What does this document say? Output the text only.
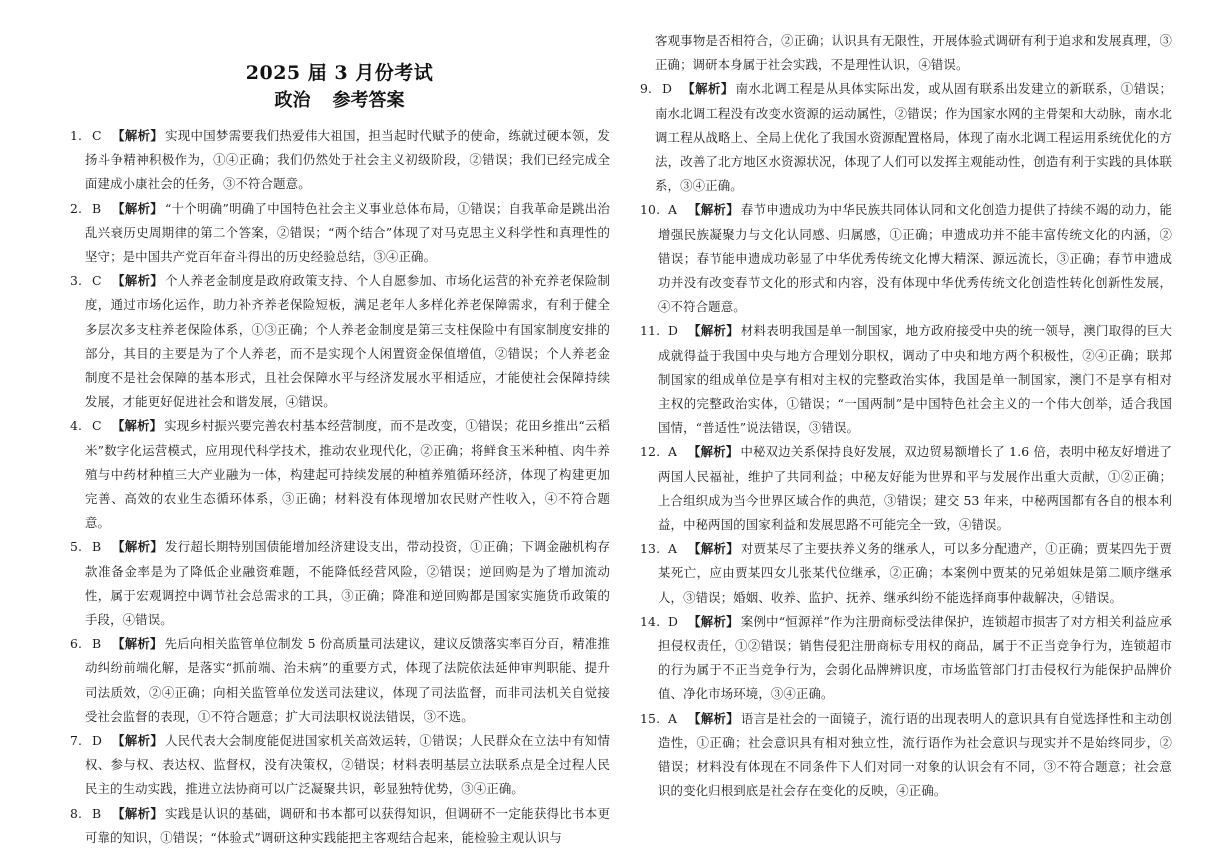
2025 届 3 月份考试
政治 参考答案
1. C 【解析】 实现中国梦需要我们热爱伟大祖国，担当起时代赋予的使命，练就过硬本领，发扬斗争精神积极作为，①④正确；我们仍然处于社会主义初级阶段，②错误；我们已经完成全面建成小康社会的任务，③不符合题意。
2. B 【解析】 “十个明确”明确了中国特色社会主义事业总体布局，①错误；自我革命是跳出治乱兴衰历史周期律的第二个答案，②错误；“两个结合”体现了对马克思主义科学性和真理性的坚守；是中国共产党百年奋斗得出的历史经验总结，③④正确。
3. C 【解析】 个人养老金制度是政府政策支持、个人自愿参加、市场化运营的补充养老保险制度，通过市场化运作，助力补齐养老保险短板，满足老年人多样化养老保障需求，有利于健全多层次多支柱养老保险体系，①③正确；个人养老金制度是第三支柱保险中有国家制度安排的部分，其目的主要是为了个人养老，而不是实现个人闲置资金保值增值，②错误；个人养老金制度不是社会保障的基本形式，且社会保障水平与经济发展水平相适应，才能使社会保障持续发展，才能更好促进社会和谐发展，④错误。
4. C 【解析】 实现乡村振兴要完善农村基本经营制度，而不是改变，①错误；花田乡推出“云稻米”数字化运营模式，应用现代科学技术，推动农业现代化，②正确；将鲜食玉米种植、肉牛养殖与中药材种植三大产业融为一体，构建起可持续发展的种植养殖循环经济，体现了构建更加完善、高效的农业生态循环体系，③正确；材料没有体现增加农民财产性收入，④不符合题意。
5. B 【解析】 发行超长期特别国债能增加经济建设支出，带动投资，①正确；下调金融机构存款准备金率是为了降低企业融资难题，不能降低经营风险，②错误；逆回购是为了增加流动性，属于宏观调控中调节社会总需求的工具，③正确；降准和逆回购都是国家实施货币政策的手段，④错误。
6. B 【解析】 先后向相关监管单位制发 5 份高质量司法建议，建议反馈落实率百分百，精准推动纠纷前端化解，是落实“抓前端、治未病”的重要方式，体现了法院依法延伸审判职能、提升司法质效，②④正确；向相关监管单位发送司法建议，体现了司法监督，而非司法机关自觉接受社会监督的表现，①不符合题意；扩大司法职权说法错误，③不选。
7. D 【解析】 人民代表大会制度能促进国家机关高效运转，①错误；人民群众在立法中有知情权、参与权、表达权、监督权，没有决策权，②错误；材料表明基层立法联系点是全过程人民民主的生动实践，推进立法协商可以广泛凝聚共识，彰显独特优势，③④正确。
8. B 【解析】 实践是认识的基础，调研和书本都可以获得知识，但调研不一定能获得比书本更可靠的知识，①错误；“体验式”调研这种实践能把主客观结合起来，能检验主观认识与
客观事物是否相符合，②正确；认识具有无限性，开展体验式调研有利于追求和发展真理，③正确；调研本身属于社会实践，不是理性认识，④错误。
9. D 【解析】 南水北调工程是从具体实际出发，或从固有联系出发建立的新联系，①错误；南水北调工程没有改变水资源的运动属性，②错误；作为国家水网的主骨架和大动脉，南水北调工程从战略上、全局上优化了我国水资源配置格局，体现了南水北调工程运用系统优化的方法，改善了北方地区水资源状况，体现了人们可以发挥主观能动性，创造有利于实践的具体联系，③④正确。
10. A 【解析】 春节申遗成功为中华民族共同体认同和文化创造力提供了持续不竭的动力，能增强民族凝聚力与文化认同感、归属感，①正确；申遗成功并不能丰富传统文化的内涵，②错误；春节能申遗成功彰显了中华优秀传统文化博大精深、源远流长，③正确；春节申遗成功并没有改变春节文化的形式和内容，没有体现中华优秀传统文化创造性转化创新性发展，④不符合题意。
11. D 【解析】 材料表明我国是单一制国家，地方政府接受中央的统一领导，澳门取得的巨大成就得益于我国中央与地方合理划分职权，调动了中央和地方两个积极性，②④正确；联邦制国家的组成单位是享有相对主权的完整政治实体，我国是单一制国家，澳门不是享有相对主权的完整政治实体，①错误；“一国两制”是中国特色社会主义的一个伟大创举，适合我国国情，“普适性”说法错误，③错误。
12. A 【解析】 中秘双边关系保持良好发展，双边贸易额增长了 1.6 倍，表明中秘友好增进了两国人民福祉，维护了共同利益；中秘友好能为世界和平与发展作出重大贡献，①②正确；上合组织成为当今世界区域合作的典范，③错误；建交 53 年来，中秘两国都有各自的根本利益，中秘两国的国家利益和发展思路不可能完全一致，④错误。
13. A 【解析】 对贾某尽了主要扶养义务的继承人，可以多分配遗产，①正确；贾某四先于贾某死亡，应由贾某四女儿张某代位继承，②正确；本案例中贾某的兄弟姐妹是第二顺序继承人，③错误；婚姻、收养、监护、抚养、继承纠纷不能选择商事仲裁解决，④错误。
14. D 【解析】 案例中“恒源祥”作为注册商标受法律保护，连锁超市损害了对方相关利益应承担侵权责任，①②错误；销售侵犯注册商标专用权的商品，属于不正当竞争行为，连锁超市的行为属于不正当竞争行为，会弱化品牌辨识度，市场监管部门打击侵权行为能保护品牌价值、净化市场环境，③④正确。
15. A 【解析】 语言是社会的一面镜子，流行语的出现表明人的意识具有自觉选择性和主动创造性，①正确；社会意识具有相对独立性，流行语作为社会意识与现实并不是始终同步，②错误；材料没有体现在不同条件下人们对同一对象的认识会有不同，③不符合题意；社会意识的变化归根到底是社会存在变化的反映，④正确。
